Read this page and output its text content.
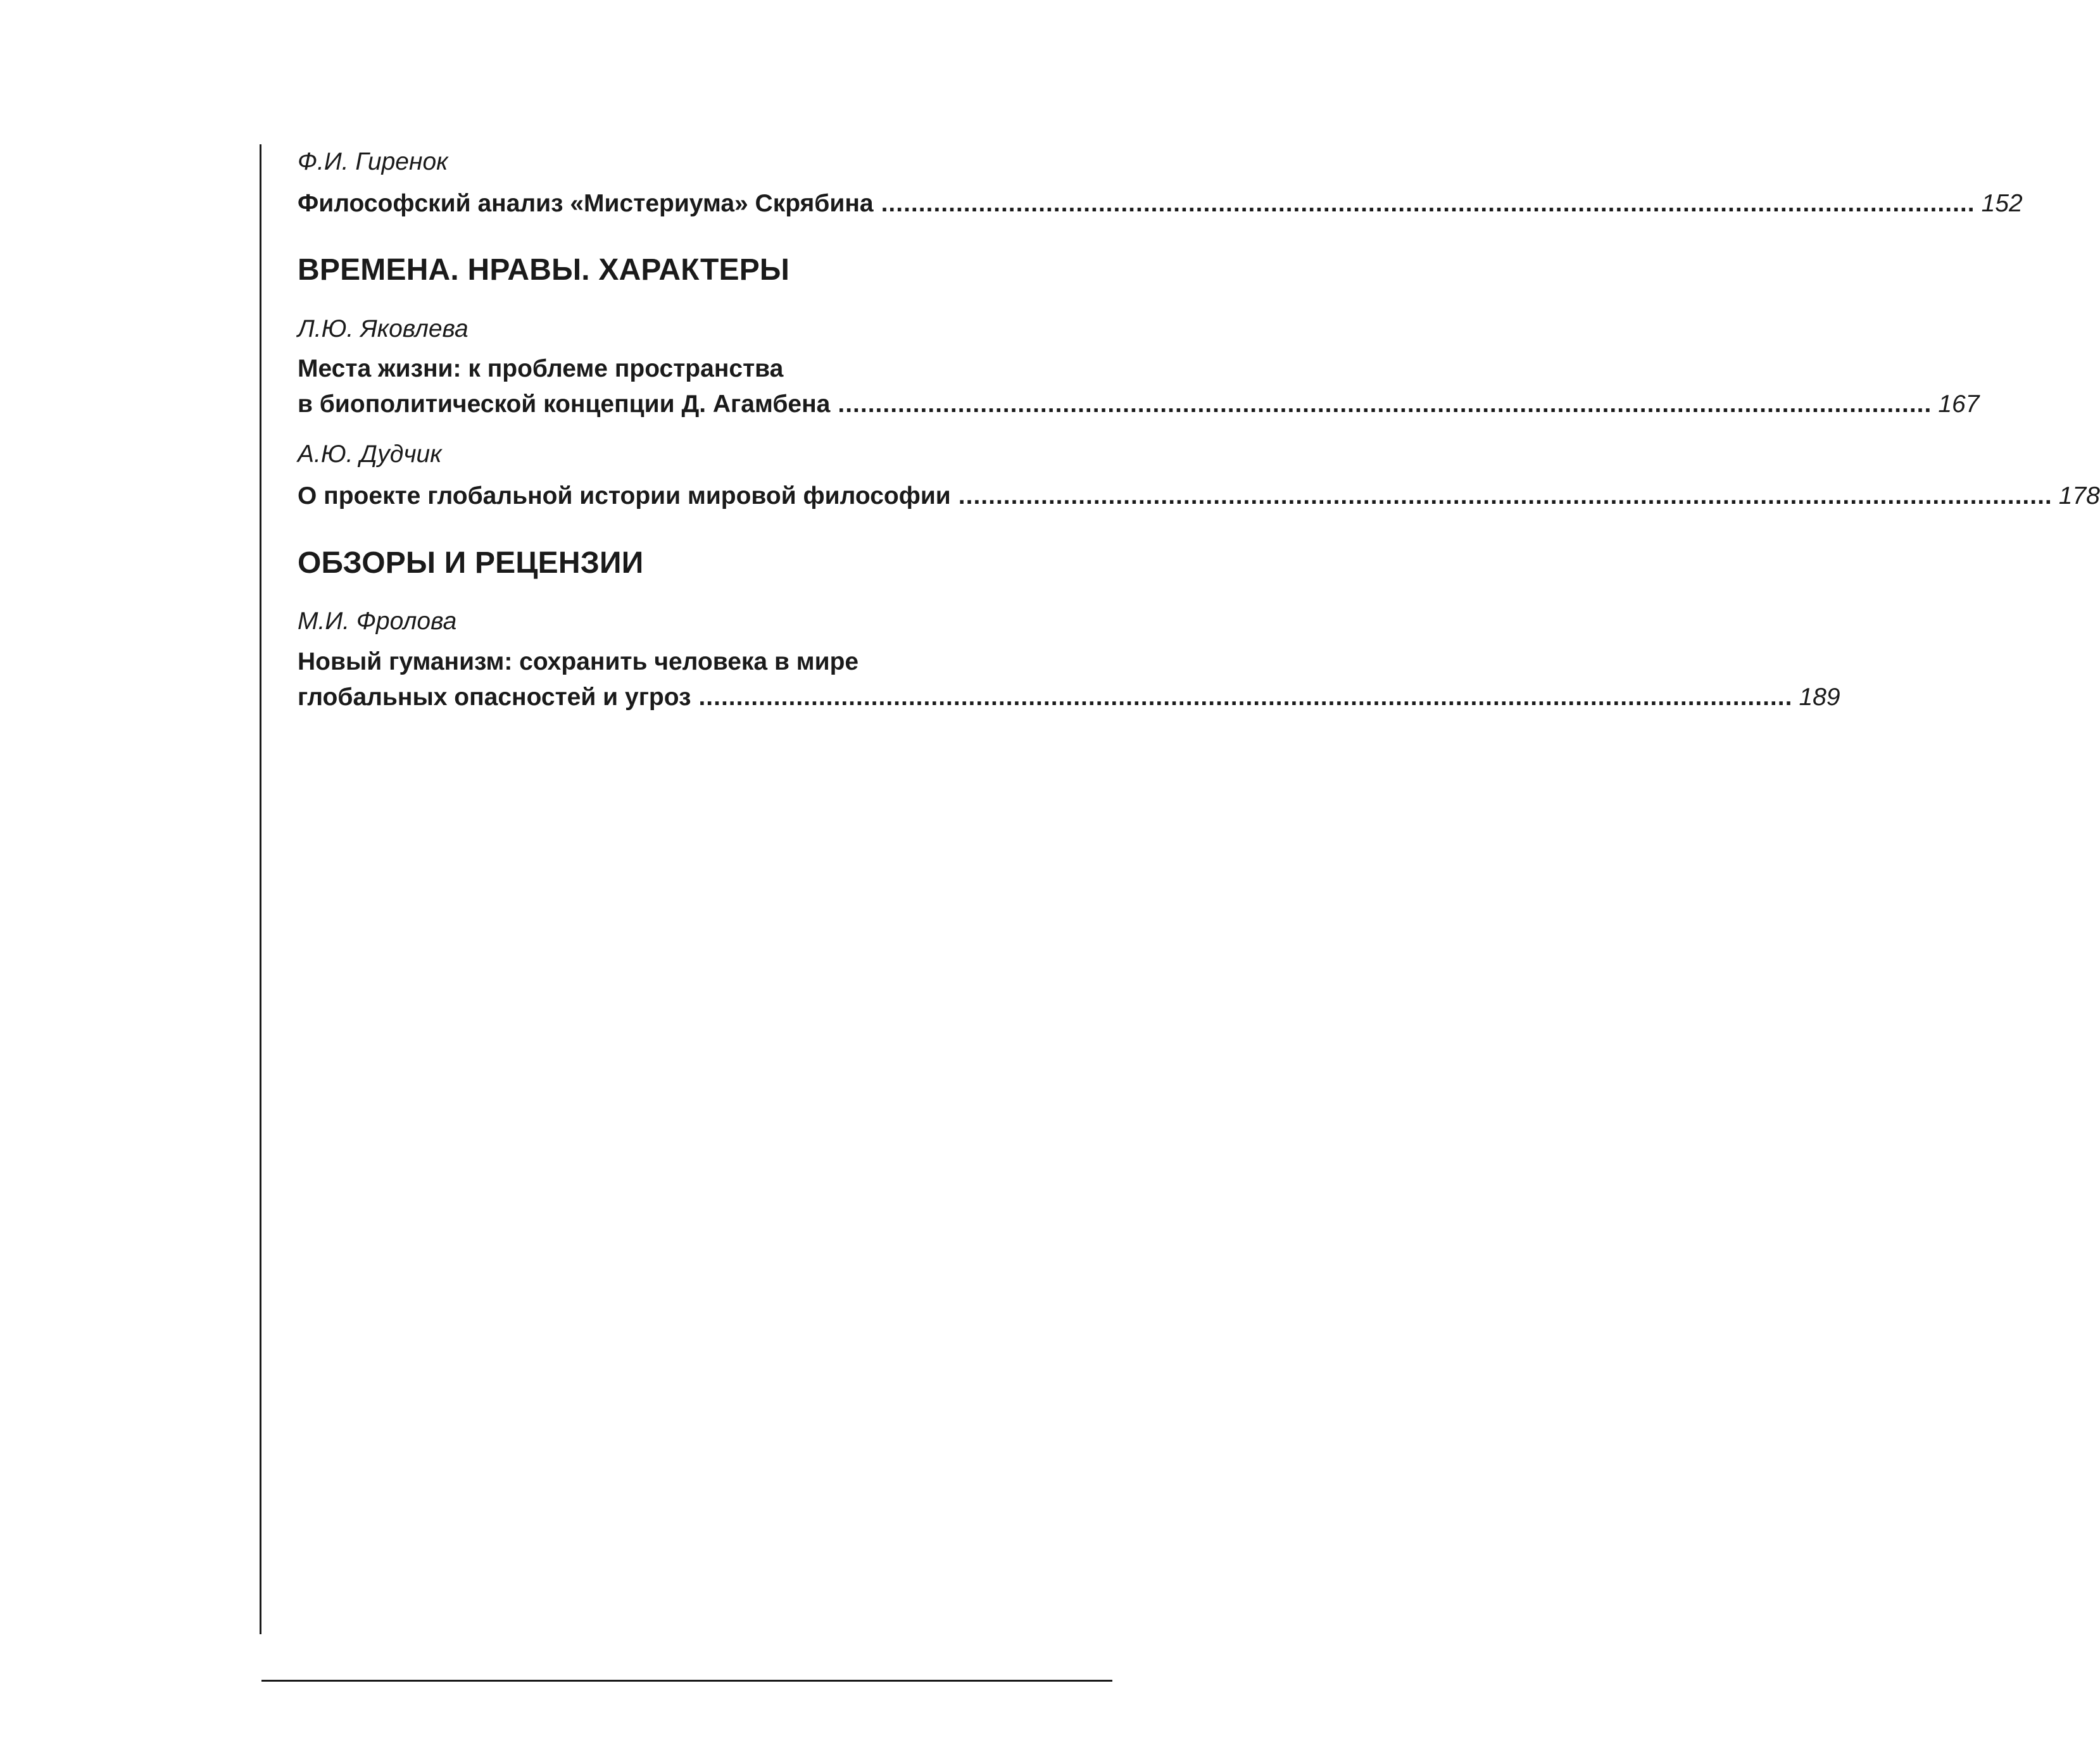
Ф.И. Гиренок
Философский анализ «Мистериума» Скрябина .................................................................................................................................................. 152
ВРЕМЕНА. НРАВЫ. ХАРАКТЕРЫ
Л.Ю. Яковлева
Места жизни: к проблеме пространства
в биополитической концепции Д. Агамбена .................................................................................................................................................. 167
А.Ю. Дудчик
О проекте глобальной истории мировой философии .................................................................................................................................................. 178
ОБЗОРЫ И РЕЦЕНЗИИ
М.И. Фролова
Новый гуманизм: сохранить человека в мире
глобальных опасностей и угроз .................................................................................................................................................. 189
